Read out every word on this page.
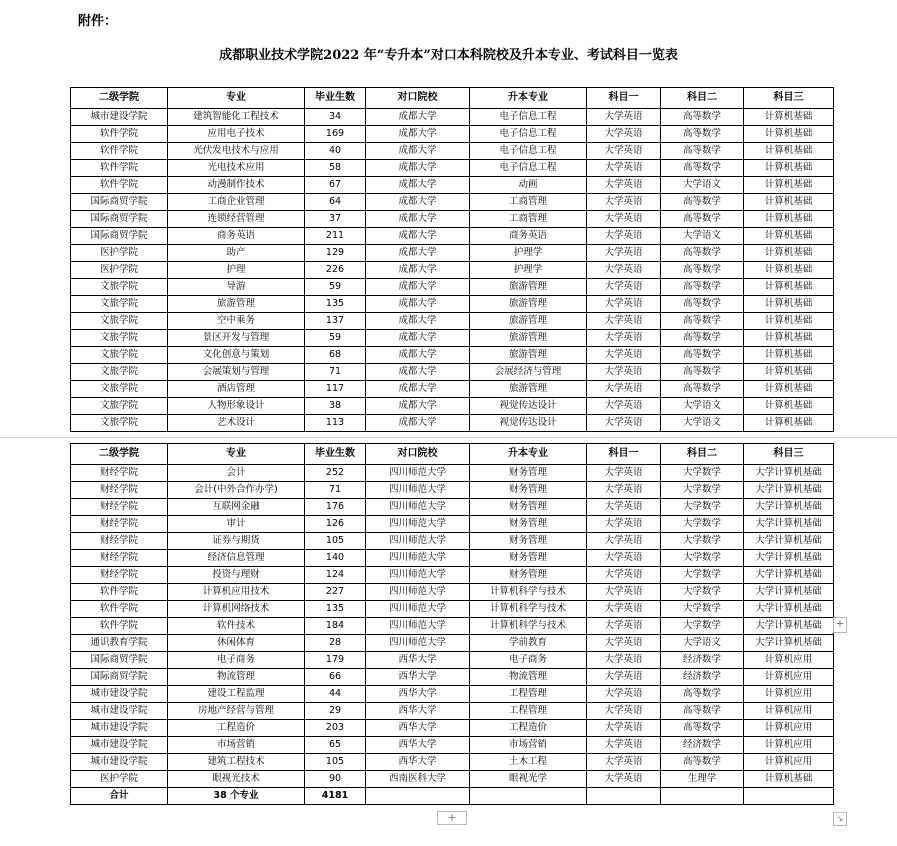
附件：
成都职业技术学院2022 年“专升本”对口本科院校及升本专业、考试科目一览表
二级学院	专业	毕业生数	对口院校	升本专业	科目一	科目二	科目三
城市建设学院	建筑智能化工程技术	34	成都大学	电子信息工程	大学英语	高等数学	计算机基础
软件学院	应用电子技术	169	成都大学	电子信息工程	大学英语	高等数学	计算机基础
软件学院	光伏发电技术与应用	40	成都大学	电子信息工程	大学英语	高等数学	计算机基础
软件学院	光电技术应用	58	成都大学	电子信息工程	大学英语	高等数学	计算机基础
软件学院	动漫制作技术	67	成都大学	动画	大学英语	大学语文	计算机基础
国际商贸学院	工商企业管理	64	成都大学	工商管理	大学英语	高等数学	计算机基础
国际商贸学院	连锁经营管理	37	成都大学	工商管理	大学英语	高等数学	计算机基础
国际商贸学院	商务英语	211	成都大学	商务英语	大学英语	大学语文	计算机基础
医护学院	助产	129	成都大学	护理学	大学英语	高等数学	计算机基础
医护学院	护理	226	成都大学	护理学	大学英语	高等数学	计算机基础
文旅学院	导游	59	成都大学	旅游管理	大学英语	高等数学	计算机基础
文旅学院	旅游管理	135	成都大学	旅游管理	大学英语	高等数学	计算机基础
文旅学院	空中乘务	137	成都大学	旅游管理	大学英语	高等数学	计算机基础
文旅学院	景区开发与管理	59	成都大学	旅游管理	大学英语	高等数学	计算机基础
文旅学院	文化创意与策划	68	成都大学	旅游管理	大学英语	高等数学	计算机基础
文旅学院	会展策划与管理	71	成都大学	会展经济与管理	大学英语	高等数学	计算机基础
文旅学院	酒店管理	117	成都大学	旅游管理	大学英语	高等数学	计算机基础
文旅学院	人物形象设计	38	成都大学	视觉传达设计	大学英语	大学语文	计算机基础
文旅学院	艺术设计	113	成都大学	视觉传达设计	大学英语	大学语文	计算机基础
二级学院	专业	毕业生数	对口院校	升本专业	科目一	科目二	科目三
财经学院	会计	252	四川师范大学	财务管理	大学英语	大学数学	大学计算机基础
财经学院	会计(中外合作办学)	71	四川师范大学	财务管理	大学英语	大学数学	大学计算机基础
财经学院	互联网金融	176	四川师范大学	财务管理	大学英语	大学数学	大学计算机基础
财经学院	审计	126	四川师范大学	财务管理	大学英语	大学数学	大学计算机基础
财经学院	证券与期货	105	四川师范大学	财务管理	大学英语	大学数学	大学计算机基础
财经学院	经济信息管理	140	四川师范大学	财务管理	大学英语	大学数学	大学计算机基础
财经学院	投资与理财	124	四川师范大学	财务管理	大学英语	大学数学	大学计算机基础
软件学院	计算机应用技术	227	四川师范大学	计算机科学与技术	大学英语	大学数学	大学计算机基础
软件学院	计算机网络技术	135	四川师范大学	计算机科学与技术	大学英语	大学数学	大学计算机基础
软件学院	软件技术	184	四川师范大学	计算机科学与技术	大学英语	大学数学	大学计算机基础
通识教育学院	休闲体育	28	四川师范大学	学前教育	大学英语	大学语文	大学计算机基础
国际商贸学院	电子商务	179	西华大学	电子商务	大学英语	经济数学	计算机应用
国际商贸学院	物流管理	66	西华大学	物流管理	大学英语	经济数学	计算机应用
城市建设学院	建设工程监理	44	西华大学	工程管理	大学英语	高等数学	计算机应用
城市建设学院	房地产经营与管理	29	西华大学	工程管理	大学英语	高等数学	计算机应用
城市建设学院	工程造价	203	西华大学	工程造价	大学英语	高等数学	计算机应用
城市建设学院	市场营销	65	西华大学	市场营销	大学英语	经济数学	计算机应用
城市建设学院	建筑工程技术	105	西华大学	土木工程	大学英语	高等数学	计算机应用
医护学院	眼视光技术	90	西南医科大学	眼视光学	大学英语	生理学	计算机基础
合计	38 个专业	4181					
+
+	↘
